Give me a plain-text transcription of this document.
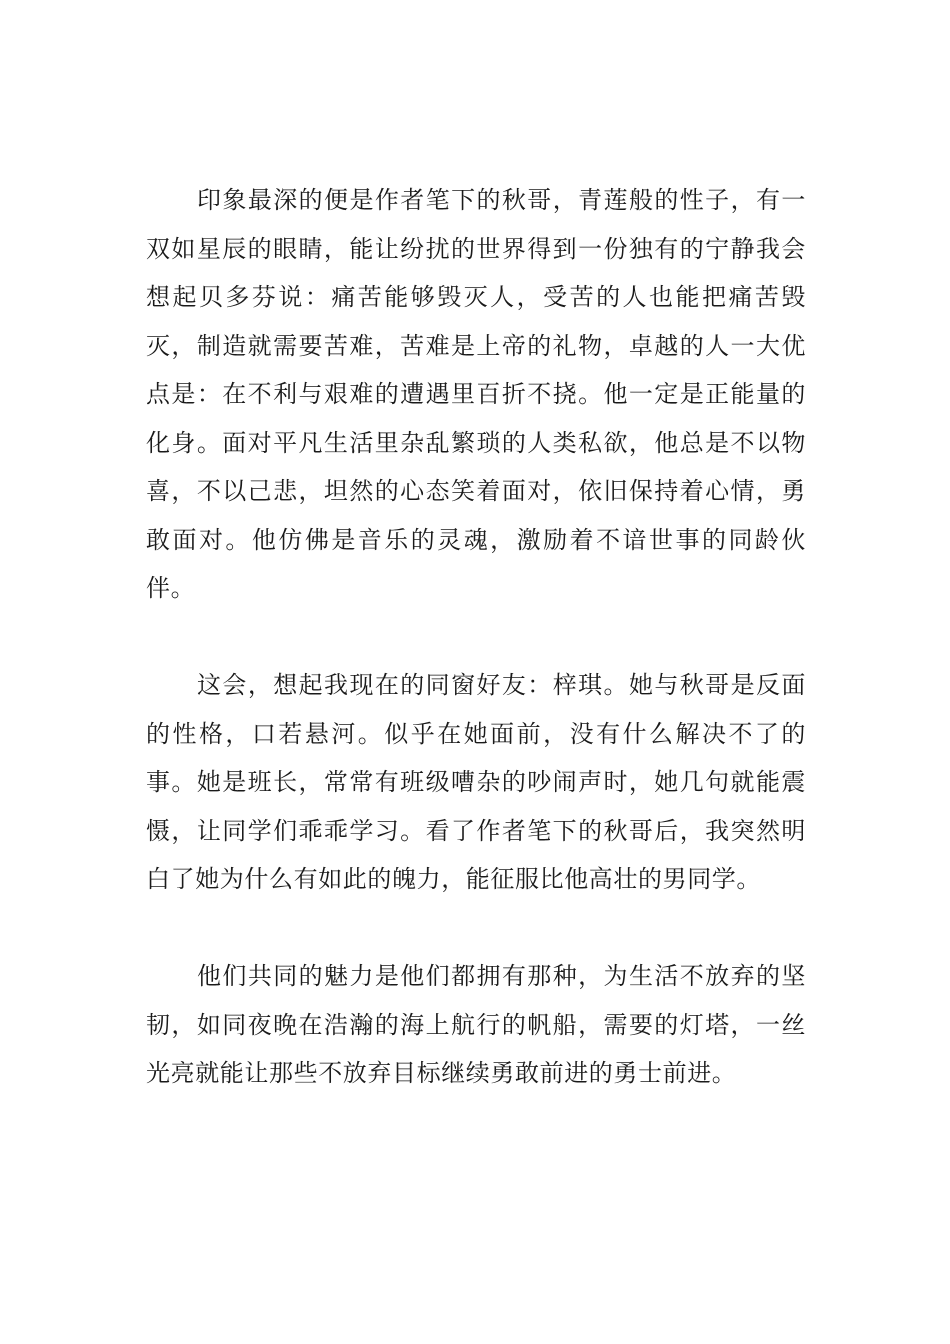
印象最深的便是作者笔下的秋哥，青莲般的性子，有一双如星辰的眼睛，能让纷扰的世界得到一份独有的宁静我会想起贝多芬说：痛苦能够毁灭人，受苦的人也能把痛苦毁灭，制造就需要苦难，苦难是上帝的礼物，卓越的人一大优点是：在不利与艰难的遭遇里百折不挠。他一定是正能量的化身。面对平凡生活里杂乱繁琐的人类私欲，他总是不以物喜，不以己悲，坦然的心态笑着面对，依旧保持着心情，勇敢面对。他仿佛是音乐的灵魂，激励着不谙世事的同龄伙伴。

这会，想起我现在的同窗好友：梓琪。她与秋哥是反面的性格，口若悬河。似乎在她面前，没有什么解决不了的事。她是班长，常常有班级嘈杂的吵闹声时，她几句就能震慑，让同学们乖乖学习。看了作者笔下的秋哥后，我突然明白了她为什么有如此的魄力，能征服比他高壮的男同学。

他们共同的魅力是他们都拥有那种，为生活不放弃的坚韧，如同夜晚在浩瀚的海上航行的帆船，需要的灯塔，一丝光亮就能让那些不放弃目标继续勇敢前进的勇士前进。
